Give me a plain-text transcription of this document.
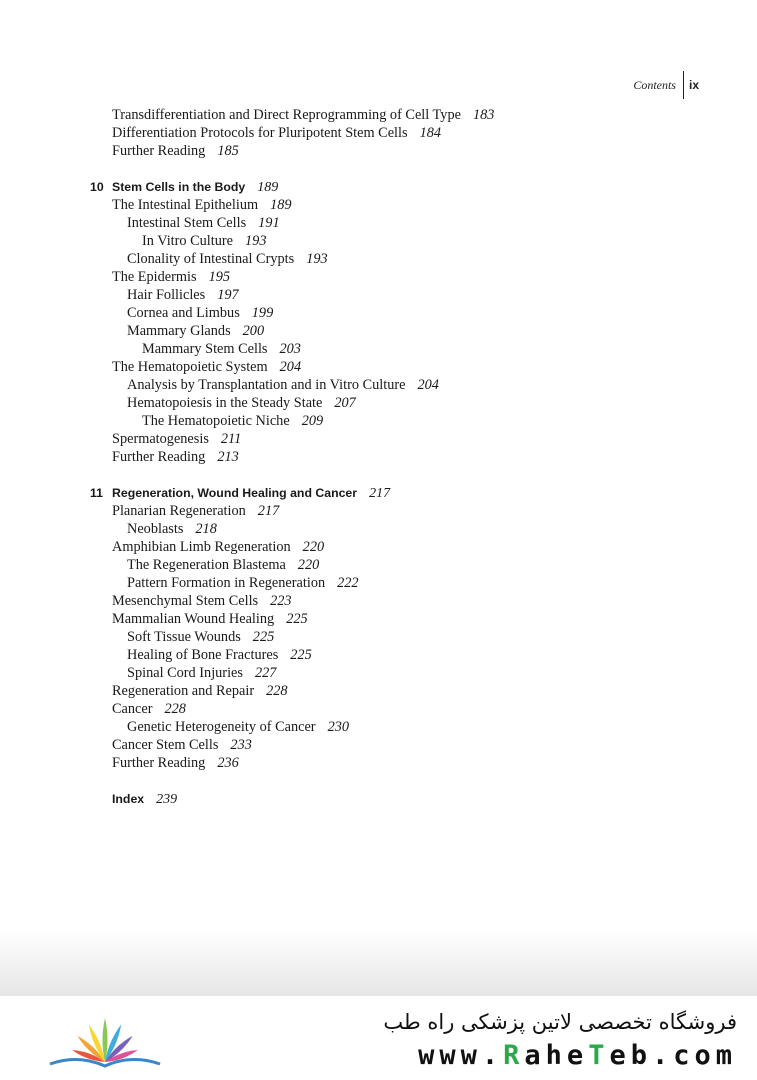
Contents	ix
Transdifferentiation and Direct Reprogramming of Cell Type 183
Differentiation Protocols for Pluripotent Stem Cells 184
Further Reading 185
10 Stem Cells in the Body 189
The Intestinal Epithelium 189
Intestinal Stem Cells 191
In Vitro Culture 193
Clonality of Intestinal Crypts 193
The Epidermis 195
Hair Follicles 197
Cornea and Limbus 199
Mammary Glands 200
Mammary Stem Cells 203
The Hematopoietic System 204
Analysis by Transplantation and in Vitro Culture 204
Hematopoiesis in the Steady State 207
The Hematopoietic Niche 209
Spermatogenesis 211
Further Reading 213
11 Regeneration, Wound Healing and Cancer 217
Planarian Regeneration 217
Neoblasts 218
Amphibian Limb Regeneration 220
The Regeneration Blastema 220
Pattern Formation in Regeneration 222
Mesenchymal Stem Cells 223
Mammalian Wound Healing 225
Soft Tissue Wounds 225
Healing of Bone Fractures 225
Spinal Cord Injuries 227
Regeneration and Repair 228
Cancer 228
Genetic Heterogeneity of Cancer 230
Cancer Stem Cells 233
Further Reading 236
Index 239
فروشگاه تخصصی لاتین پزشکی راه طب
www.RaheTeb.com
